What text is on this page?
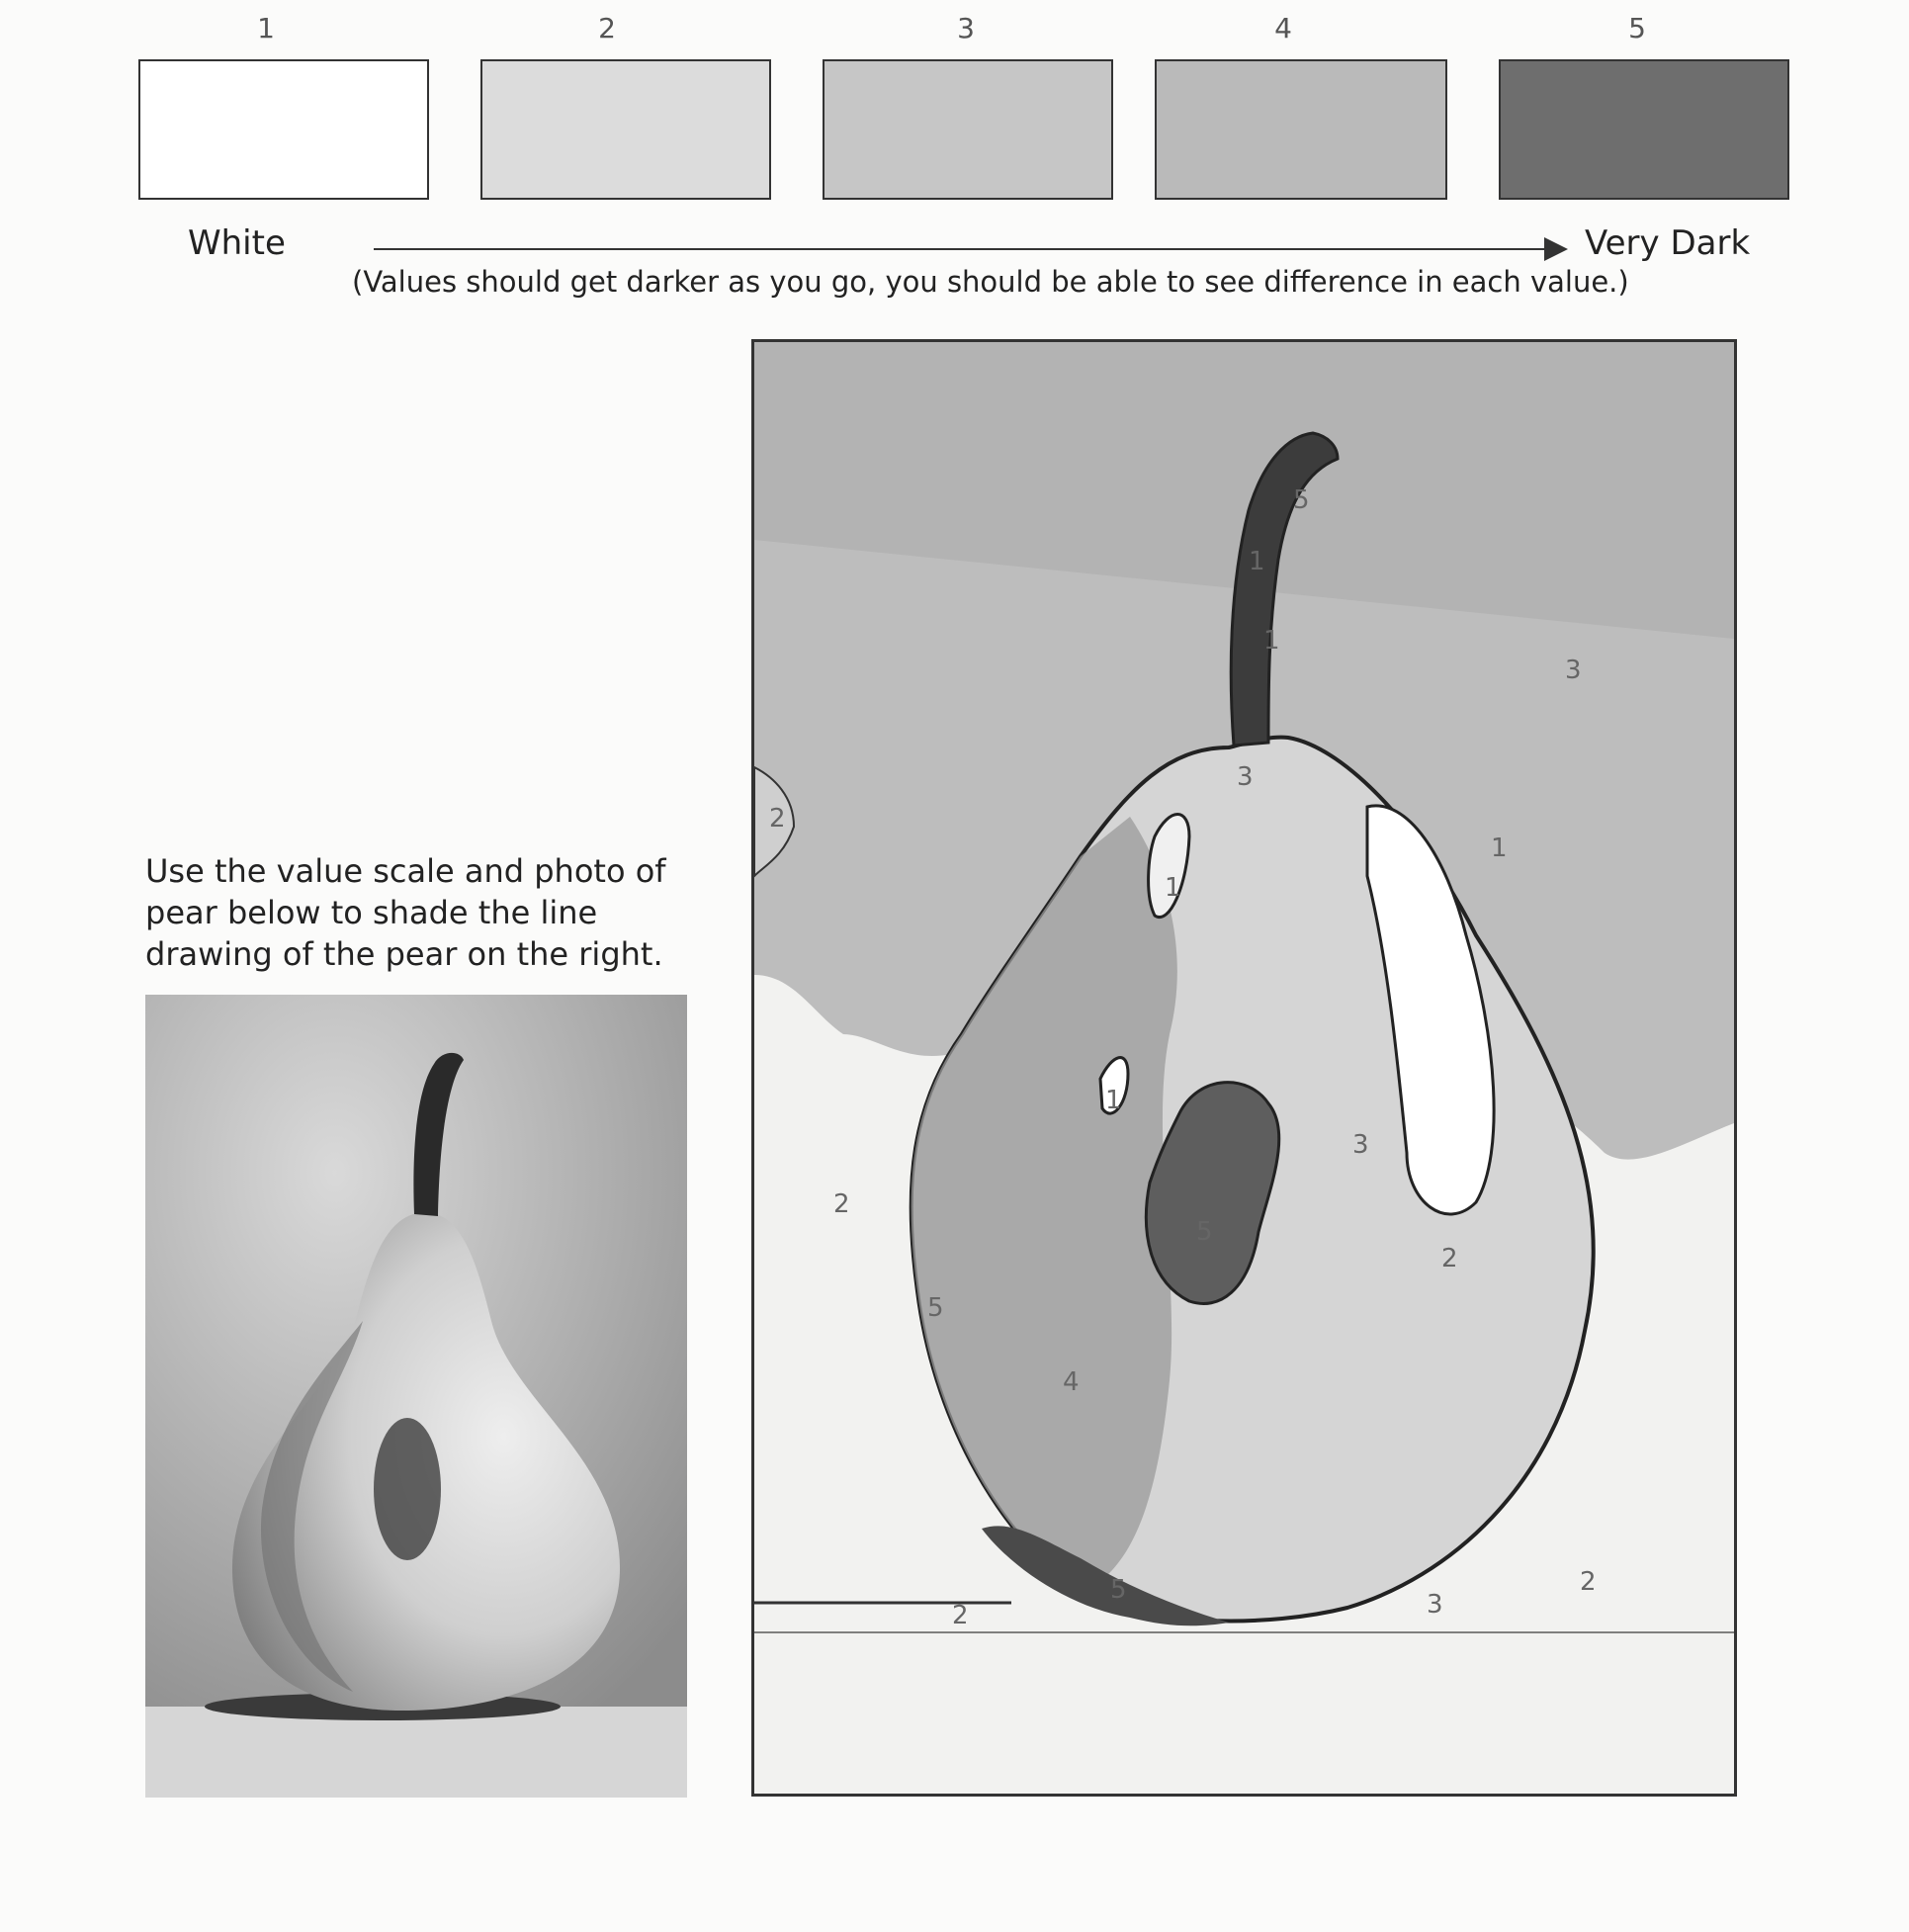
1	2	3	4	5
White	Very Dark
(Values should get darker as you go, you should be able to see difference in each value.)
Use the value scale and photo of pear below to shade the line drawing of the pear on the right.
5
1
1
3
1
2
1
3
1
2
3
5
4
2
5
5
2	3
2
